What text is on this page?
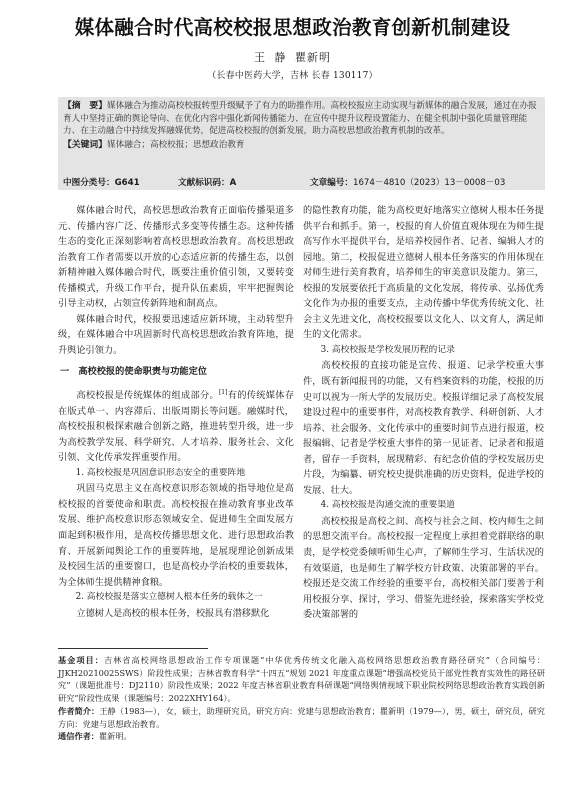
媒体融合时代高校校报思想政治教育创新机制建设
王 静 瞿新明
（长春中医药大学，吉林 长春 130117）
【摘　要】媒体融合为推动高校校报转型升级赋予了有力的助推作用。高校校报应主动实现与新媒体的融合发展，通过在办报育人中坚持正确的舆论导向、在优化内容中强化新闻传播能力、在宣传中提升议程设置能力、在健全机制中强化质量管理能力、在主动融合中持续发挥融媒优势，促进高校校报的创新发展，助力高校思想政治教育机制的改革。
【关键词】媒体融合；高校校报；思想政治教育
中图分类号：G641	文献标识码：A	文章编号： 1674－4810（2023）13－0008－03

媒体融合时代，高校思想政治教育正面临传播渠道多元、传播内容广泛、传播形式多变等传播生态。这种传播生态的变化正深刻影响着高校思想政治教育。高校思想政治教育工作者需要以开放的心态适应新的传播生态，以创新精神融入媒体融合时代，既要注重价值引领，又要转变传播模式，升级工作平台，提升队伍素质，牢牢把握舆论引导主动权，占领宣传新阵地和制高点。

媒体融合时代，校报要迅速适应新环境，主动转型升级，在媒体融合中巩固新时代高校思想政治教育阵地，提升舆论引领力。

一　高校校报的使命职责与功能定位

高校校报是传统媒体的组成部分。[1]有的传统媒体存在版式单一、内容滞后、出版周期长等问题。融媒时代，高校校报积极探索融合创新之路，推进转型升级，进一步为高校教学发展、科学研究、人才培养、服务社会、文化引领、文化传承发挥重要作用。

1. 高校校报是巩固意识形态安全的重要阵地

巩固马克思主义在高校意识形态领域的指导地位是高校校报的首要使命和职责。高校校报在推动教育事业改革发展、维护高校意识形态领域安全、促进师生全面发展方面起到积极作用，是高校传播思想文化、进行思想政治教育、开展新闻舆论工作的重要阵地，是展现理论创新成果及校园生活的重要窗口，也是高校办学治校的重要载体，为全体师生提供精神食粮。

2. 高校校报是落实立德树人根本任务的载体之一

立德树人是高校的根本任务，校报具有潜移默化

的隐性教育功能，能为高校更好地落实立德树人根本任务提供平台和抓手。第一，校报的育人价值直观体现在为师生提高写作水平提供平台，是培养校园作者、记者、编辑人才的园地。第二，校报促进立德树人根本任务落实的作用体现在对师生进行美育教育，培养师生的审美意识及能力。第三，校报的发展要依托于高质量的文化发展，将传承、弘扬优秀文化作为办报的重要支点，主动传播中华优秀传统文化、社会主义先进文化，高校校报要以文化人、以文育人，满足师生的文化需求。

3. 高校校报是学校发展历程的记录

高校校报的直接功能是宣传、报道、记录学校重大事件，既有新闻报刊的功能，又有档案资料的功能，校报的历史可以视为一所大学的发展历史。校报详细记录了高校发展建设过程中的重要事件，对高校教育教学、科研创新、人才培养、社会服务、文化传承中的重要时间节点进行报道，校报编辑、记者是学校重大事件的第一见证者、记录者和报道者，留存一手资料，展现精彩、有纪念价值的学校发展历史片段，为编纂、研究校史提供准确的历史资料，促进学校的发展、壮大。

4. 高校校报是沟通交流的重要渠道

高校校报是高校之间、高校与社会之间、校内师生之间的思想交流平台。高校校报一定程度上承担着党群联络的职责，是学校党委倾听师生心声，了解师生学习、生活状况的有效渠道，也是师生了解学校方针政策、决策部署的平台。校报还是交流工作经验的重要平台，高校相关部门要善于利用校报分享、探讨，学习、借鉴先进经验，探索落实学校党委决策部署的

基金项目：吉林省高校网络思想政治工作专项课题“中华优秀传统文化融入高校网络思想政治教育路径研究”（合同编号：JJKH20210025SWS）阶段性成果；吉林省教育科学“十四五”规划 2021 年度重点课题“增强高校党员干部党性教育实效性的路径研究”（课题批准号：DJ2110）阶段性成果；2022 年度吉林省职业教育科研课题“网络舆情视域下职业院校网络思想政治教育实践创新研究”阶段性成果（课题编号：2022XHY164）。
作者简介：王静（1983—），女，硕士，助理研究员，研究方向：党建与思想政治教育；瞿新明（1979—），男，硕士，研究员，研究方向：党建与思想政治教育。
通信作者：瞿新明。
